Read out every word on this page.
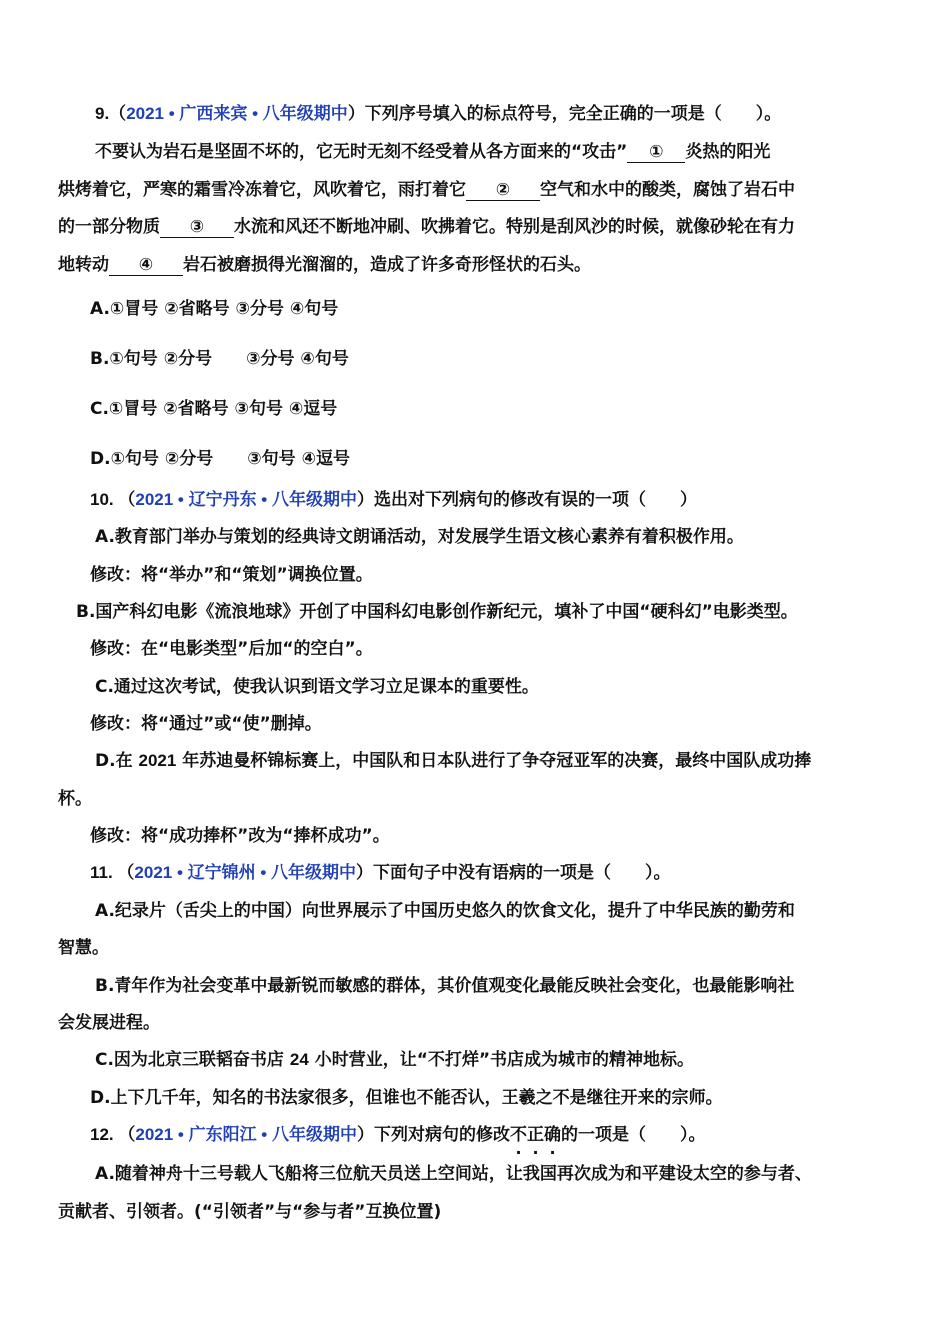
9.（2021 • 广西来宾 • 八年级期中）下列序号填入的标点符号，完全正确的一项是（　　）。
不要认为岩石是坚固不坏的，它无时无刻不经受着从各方面来的“攻击” ① 炎热的阳光
烘烤着它，严寒的霜雪冷冻着它，风吹着它，雨打着它 ② 空气和水中的酸类，腐蚀了岩石中
的一部分物质 ③ 水流和风还不断地冲刷、吹拂着它。特别是刮风沙的时候，就像砂轮在有力
地转动 ④ 岩石被磨损得光溜溜的，造成了许多奇形怪状的石头。
A.①冒号 ②省略号 ③分号 ④句号
B.①句号 ②分号　　③分号 ④句号
C.①冒号 ②省略号 ③句号 ④逗号
D.①句号 ②分号　　③句号 ④逗号
10. （2021 • 辽宁丹东 • 八年级期中）选出对下列病句的修改有误的一项（　　）
A.教育部门举办与策划的经典诗文朗诵活动，对发展学生语文核心素养有着积极作用。
修改：将“举办”和“策划”调换位置。
B.国产科幻电影《流浪地球》开创了中国科幻电影创作新纪元，填补了中国“硬科幻”电影类型。
修改：在“电影类型”后加“的空白”。
C.通过这次考试，使我认识到语文学习立足课本的重要性。
修改：将“通过”或“使”删掉。
D.在 2021 年苏迪曼杯锦标赛上，中国队和日本队进行了争夺冠亚军的决赛，最终中国队成功捧
杯。
修改：将“成功捧杯”改为“捧杯成功”。
11. （2021 • 辽宁锦州 • 八年级期中）下面句子中没有语病的一项是（　　）。
A.纪录片（舌尖上的中国）向世界展示了中国历史悠久的饮食文化，提升了中华民族的勤劳和
智慧。
B.青年作为社会变革中最新锐而敏感的群体，其价值观变化最能反映社会变化，也最能影响社
会发展进程。
C.因为北京三联韬奋书店 24 小时营业，让“不打烊”书店成为城市的精神地标。
D.上下几千年，知名的书法家很多，但谁也不能否认，王羲之不是继往开来的宗师。
12. （2021 • 广东阳江 • 八年级期中）下列对病句的修改不正确的一项是（　　）。
A.随着神舟十三号载人飞船将三位航天员送上空间站，让我国再次成为和平建设太空的参与者、
贡献者、引领者。(“引领者”与“参与者”互换位置)
